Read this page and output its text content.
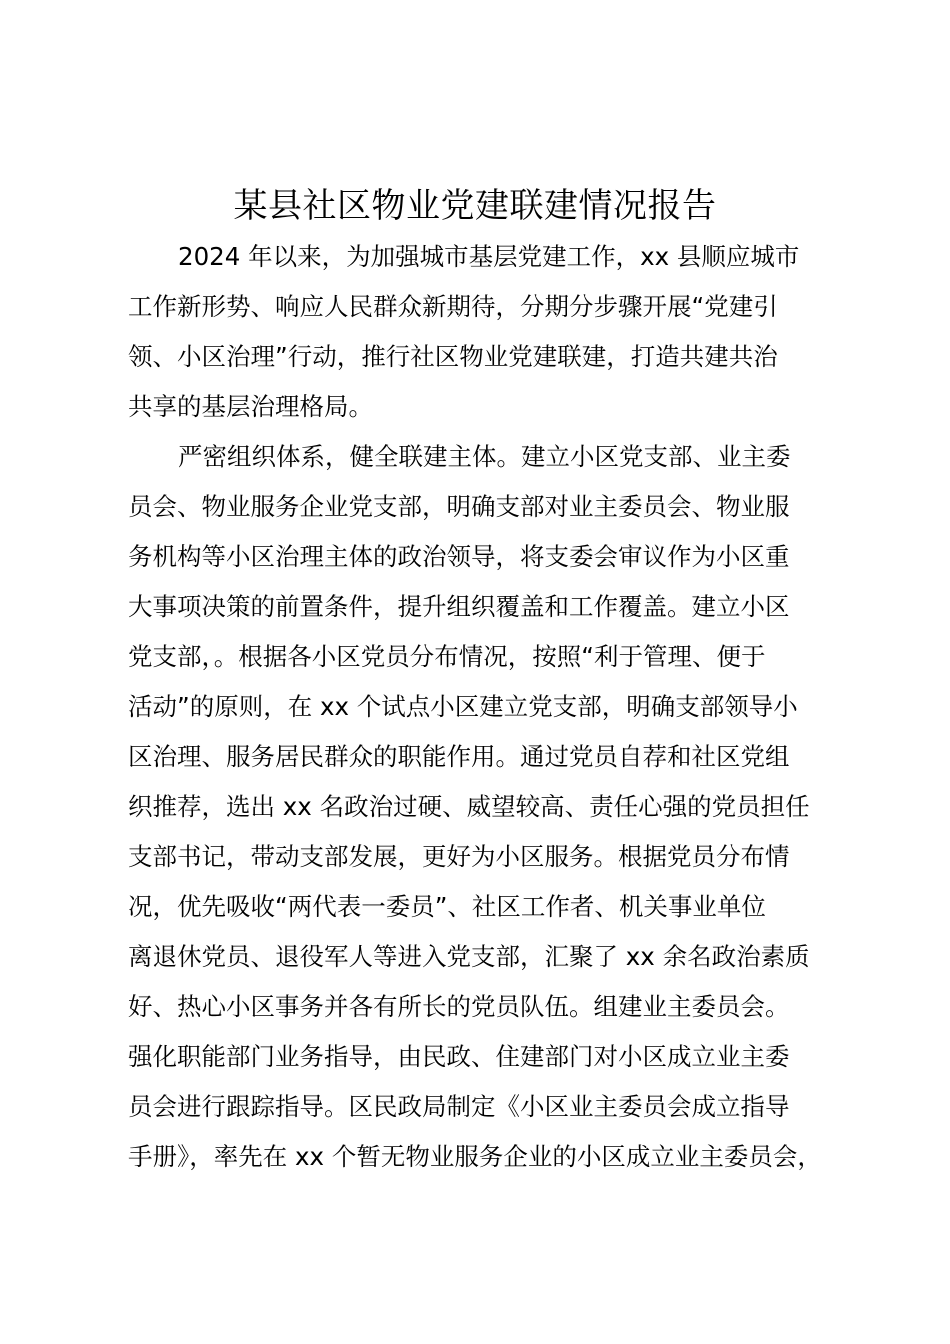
某县社区物业党建联建情况报告
2024 年以来，为加强城市基层党建工作，xx 县顺应城市
工作新形势、响应人民群众新期待，分期分步骤开展“党建引
领、小区治理”行动，推行社区物业党建联建，打造共建共治
共享的基层治理格局。
严密组织体系，健全联建主体。建立小区党支部、业主委
员会、物业服务企业党支部，明确支部对业主委员会、物业服
务机构等小区治理主体的政治领导，将支委会审议作为小区重
大事项决策的前置条件，提升组织覆盖和工作覆盖。建立小区
党支部，。根据各小区党员分布情况，按照“利于管理、便于
活动”的原则，在 xx 个试点小区建立党支部，明确支部领导小
区治理、服务居民群众的职能作用。通过党员自荐和社区党组
织推荐，选出 xx 名政治过硬、威望较高、责任心强的党员担任
支部书记，带动支部发展，更好为小区服务。根据党员分布情
况，优先吸收“两代表一委员”、社区工作者、机关事业单位
离退休党员、退役军人等进入党支部，汇聚了 xx 余名政治素质
好、热心小区事务并各有所长的党员队伍。组建业主委员会。
强化职能部门业务指导，由民政、住建部门对小区成立业主委
员会进行跟踪指导。区民政局制定《小区业主委员会成立指导
手册》，率先在 xx 个暂无物业服务企业的小区成立业主委员会，
